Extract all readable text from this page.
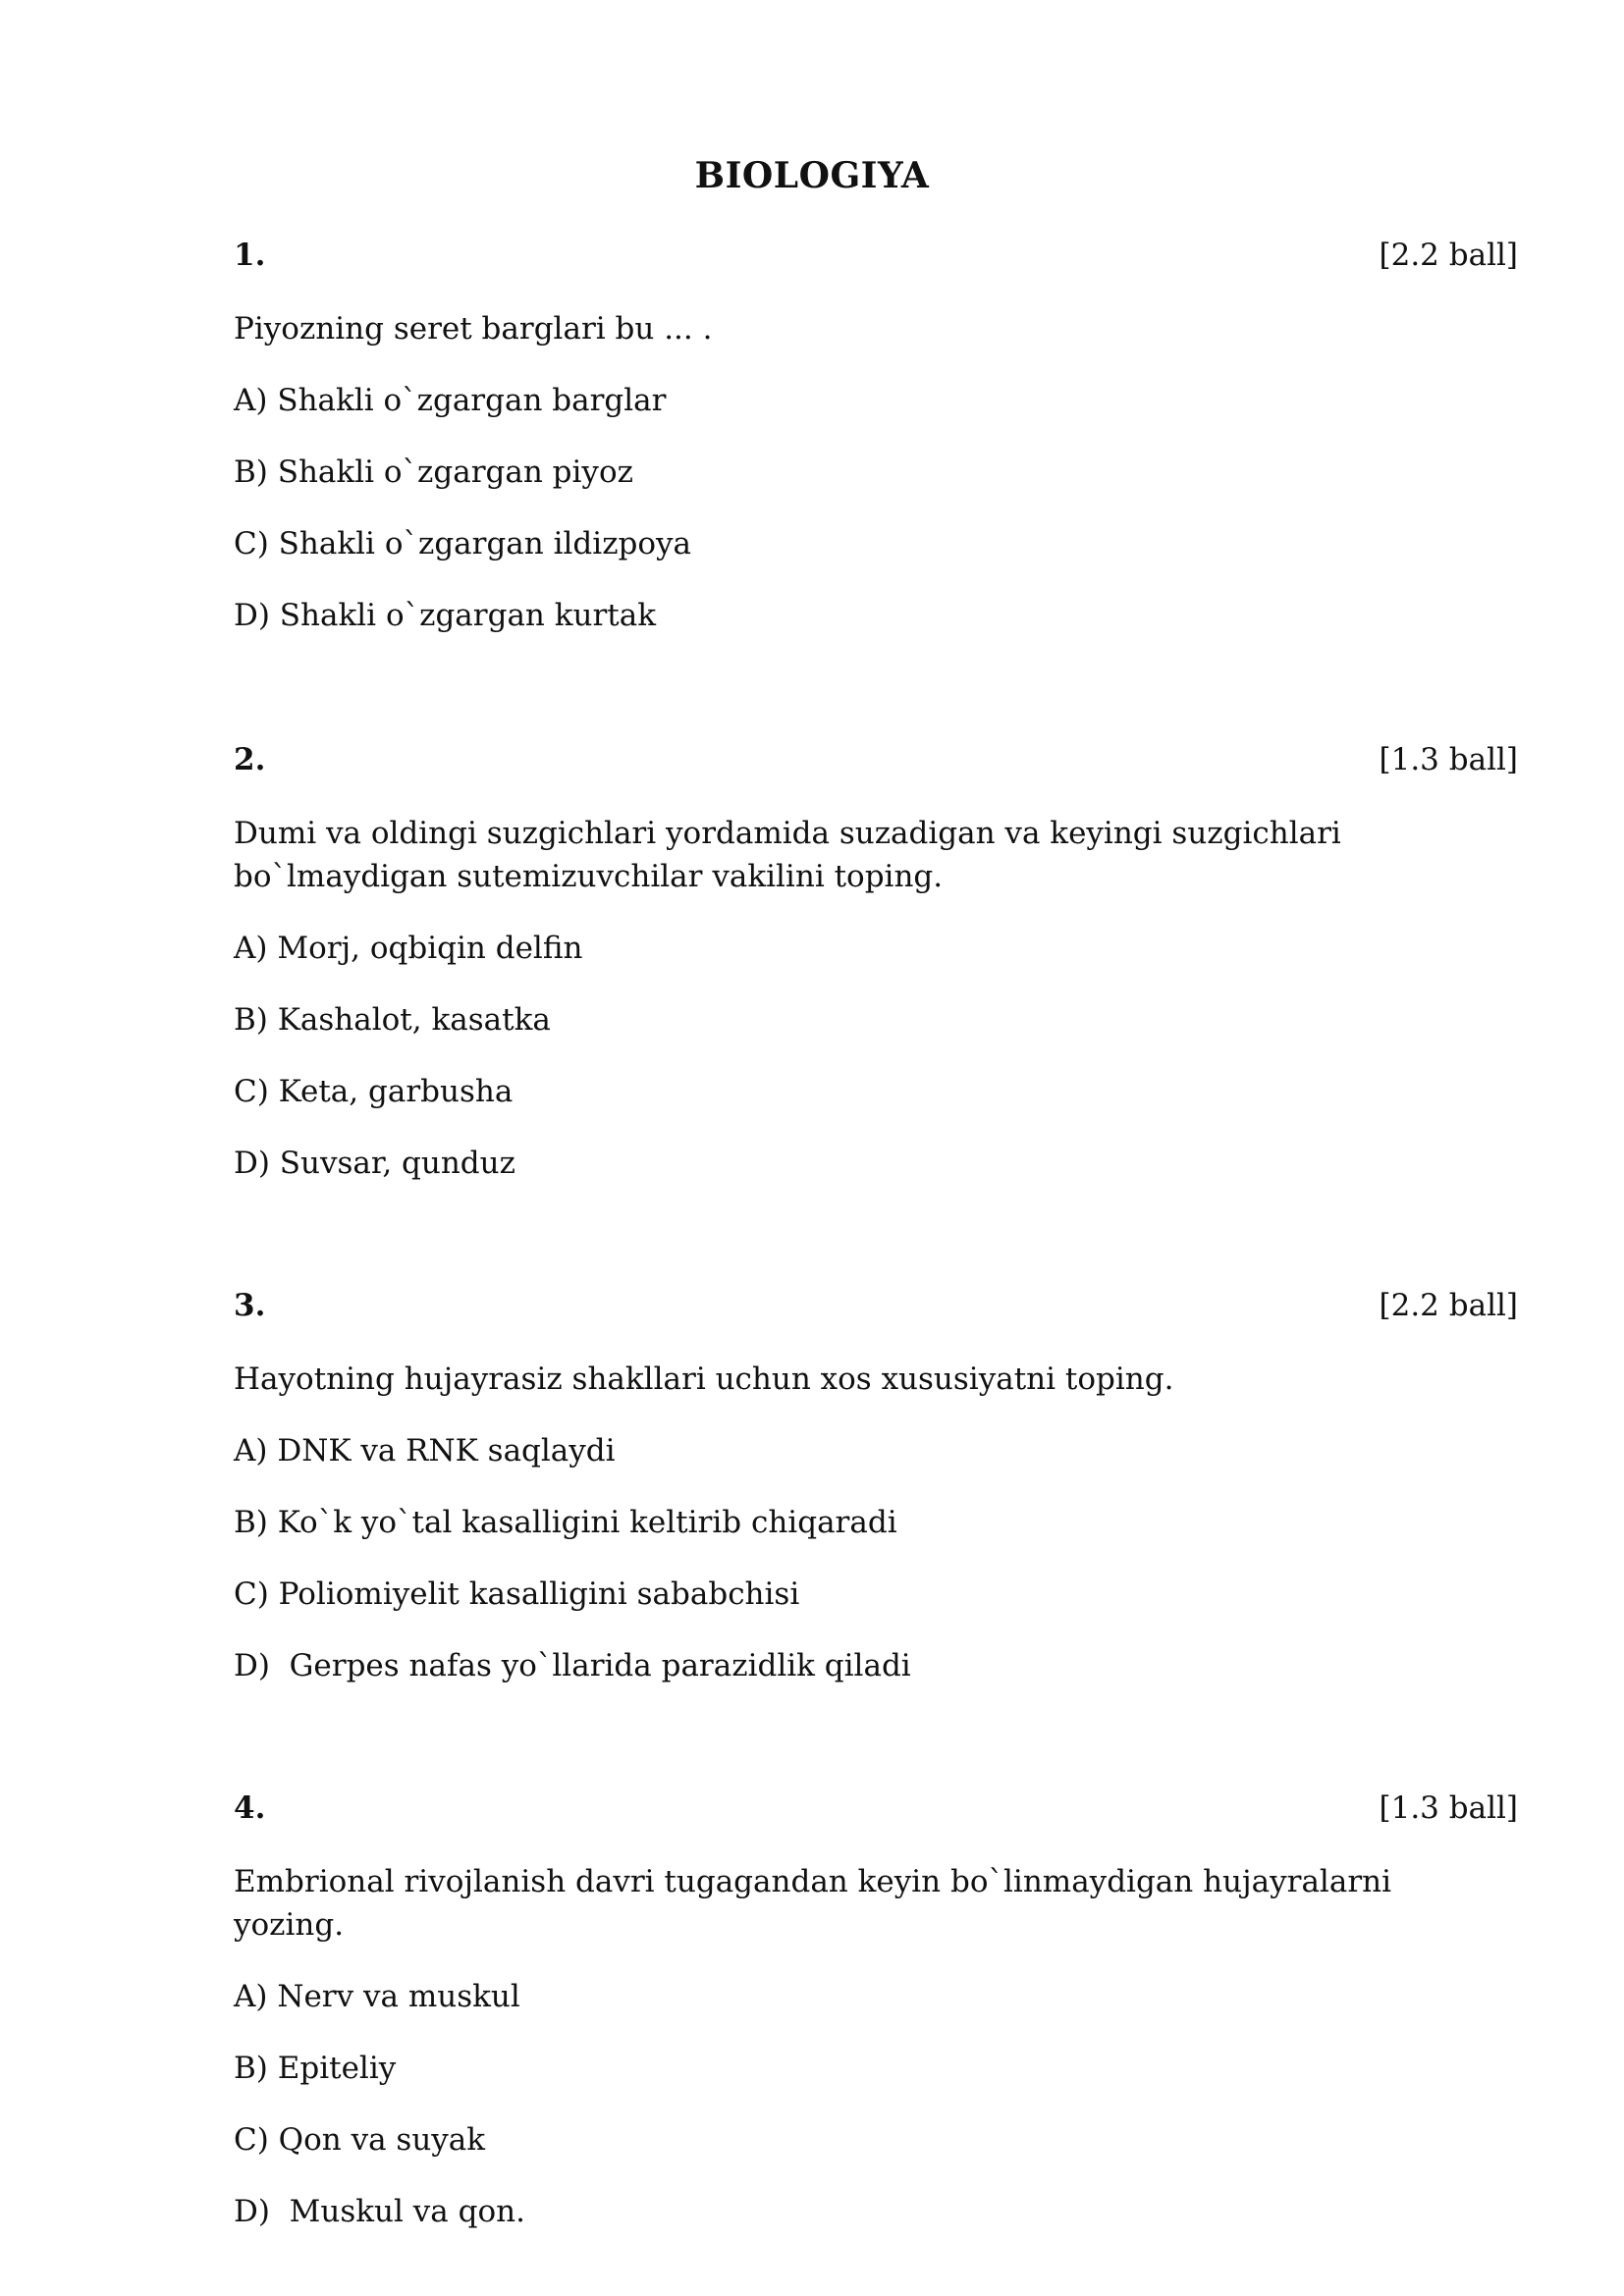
BIOLOGIYA
1.	[2.2 ball]
Piyozning seret barglari bu ... .
A) Shakli o`zgargan barglar
B) Shakli o`zgargan piyoz
C) Shakli o`zgargan ildizpoya
D) Shakli o`zgargan kurtak
2.	[1.3 ball]
Dumi va oldingi suzgichlari yordamida suzadigan va keyingi suzgichlari bo`lmaydigan sutemizuvchilar vakilini toping.
A) Morj, oqbiqin delfin
B) Kashalot, kasatka
C) Keta, garbusha
D) Suvsar, qunduz
3.	[2.2 ball]
Hayotning hujayrasiz shakllari uchun xos xususiyatni toping.
A) DNK va RNK saqlaydi
B) Ko`k yo`tal kasalligini keltirib chiqaradi
C) Poliomiyelit kasalligini sababchisi
D)  Gerpes nafas yo`llarida parazidlik qiladi
4.	[1.3 ball]
Embrional rivojlanish davri tugagandan keyin bo`linmaydigan hujayralarni yozing.
A) Nerv va muskul
B) Epiteliy
C) Qon va suyak
D)  Muskul va qon.
